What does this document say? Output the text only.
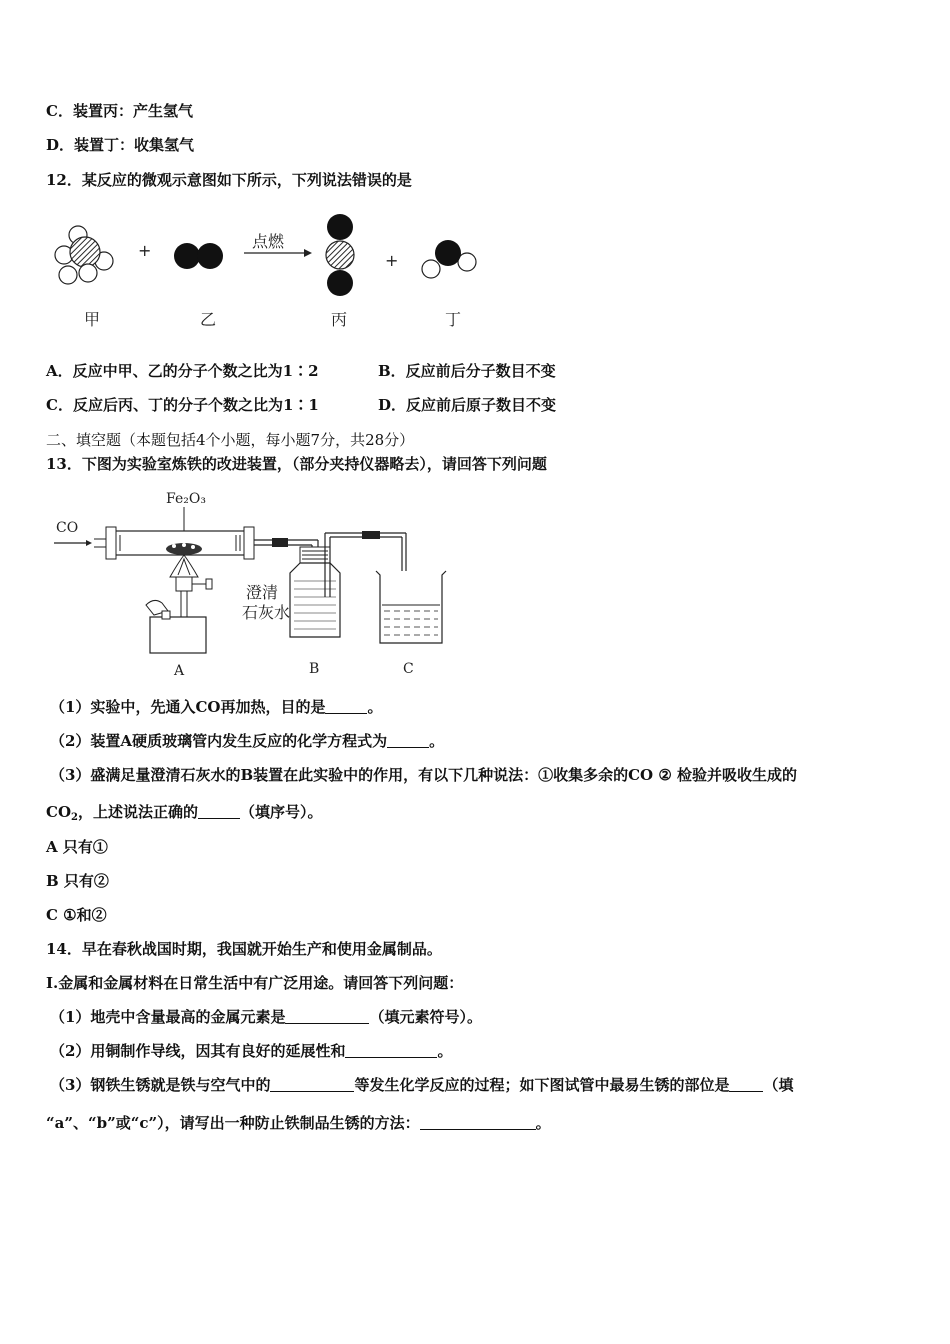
C．装置丙：产生氢气
D．装置丁：收集氢气
12．某反应的微观示意图如下所示，下列说法错误的是
+	点燃
+
甲	乙	丙	丁
A．反应中甲、乙的分子个数之比为1∶2	B．反应前后分子数目不变
C．反应后丙、丁的分子个数之比为1∶1	D．反应前后原子数目不变
二、填空题（本题包括4个小题，每小题7分，共28分）
13．下图为实验室炼铁的改进装置，（部分夹持仪器略去），请回答下列问题
CO
Fe₂O₃
澄清
石灰水
A	B	C
（1）实验中，先通入CO再加热，目的是	。
（2）装置A硬质玻璃管内发生反应的化学方程式为	。
（3）盛满足量澄清石灰水的B装置在此实验中的作用，有以下几种说法：①收集多余的CO ② 检验并吸收生成的
$CO_2$，上述说法正确的	（填序号）。
A 只有①
B 只有②
C ①和②
14．早在春秋战国时期，我国就开始生产和使用金属制品。
I.金属和金属材料在日常生活中有广泛用途。请回答下列问题：
（1）地壳中含量最高的金属元素是	（填元素符号）。
（2）用铜制作导线，因其有良好的延展性和	。
（3）钢铁生锈就是铁与空气中的	等发生化学反应的过程；如下图试管中最易生锈的部位是 （填
“a”、“b”或“c”），请写出一种防止铁制品生锈的方法：	。
